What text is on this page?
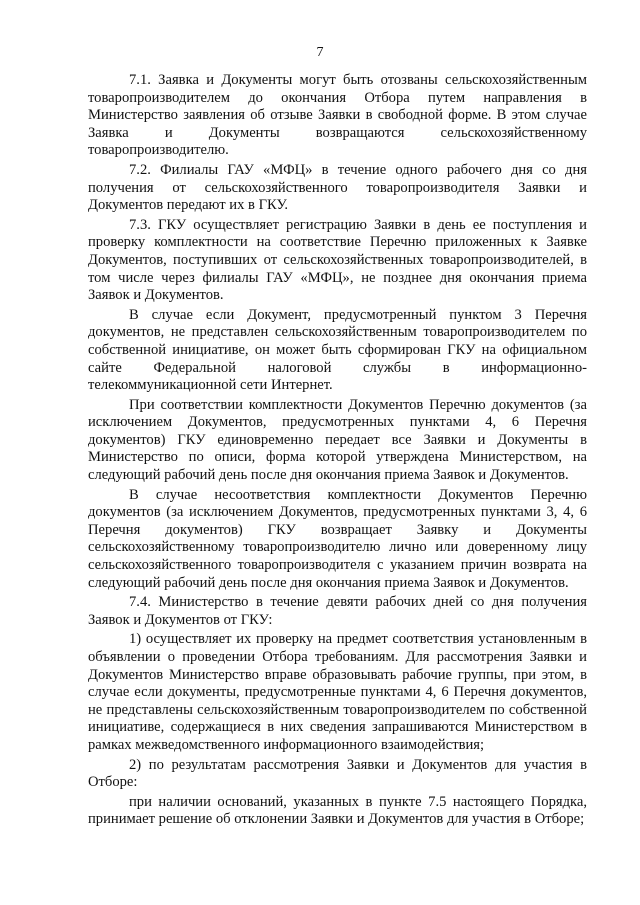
7

7.1. Заявка и Документы могут быть отозваны сельскохозяйственным товаропроизводителем до окончания Отбора путем направления в Министерство заявления об отзыве Заявки в свободной форме. В этом случае Заявка и Документы возвращаются сельскохозяйственному товаропроизводителю.

7.2. Филиалы ГАУ «МФЦ» в течение одного рабочего дня со дня получения от сельскохозяйственного товаропроизводителя Заявки и Документов передают их в ГКУ.

7.3. ГКУ осуществляет регистрацию Заявки в день ее поступления и проверку комплектности на соответствие Перечню приложенных к Заявке Документов, поступивших от сельскохозяйственных товаропроизводителей, в том числе через филиалы ГАУ «МФЦ», не позднее дня окончания приема Заявок и Документов.

В случае если Документ, предусмотренный пунктом 3 Перечня документов, не представлен сельскохозяйственным товаропроизводителем по собственной инициативе, он может быть сформирован ГКУ на официальном сайте Федеральной налоговой службы в информационно-телекоммуникационной сети Интернет.

При соответствии комплектности Документов Перечню документов (за исключением Документов, предусмотренных пунктами 4, 6 Перечня документов) ГКУ единовременно передает все Заявки и Документы в Министерство по описи, форма которой утверждена Министерством, на следующий рабочий день после дня окончания приема Заявок и Документов.

В случае несоответствия комплектности Документов Перечню документов (за исключением Документов, предусмотренных пунктами 3, 4, 6 Перечня документов) ГКУ возвращает Заявку и Документы сельскохозяйственному товаропроизводителю лично или доверенному лицу сельскохозяйственного товаропроизводителя с указанием причин возврата на следующий рабочий день после дня окончания приема Заявок и Документов.

7.4. Министерство в течение девяти рабочих дней со дня получения Заявок и Документов от ГКУ:

1) осуществляет их проверку на предмет соответствия установленным в объявлении о проведении Отбора требованиям. Для рассмотрения Заявки и Документов Министерство вправе образовывать рабочие группы, при этом, в случае если документы, предусмотренные пунктами 4, 6 Перечня документов, не представлены сельскохозяйственным товаропроизводителем по собственной инициативе, содержащиеся в них сведения запрашиваются Министерством в рамках межведомственного информационного взаимодействия;

2) по результатам рассмотрения Заявки и Документов для участия в Отборе:

при наличии оснований, указанных в пункте 7.5 настоящего Порядка, принимает решение об отклонении Заявки и Документов для участия в Отборе;
